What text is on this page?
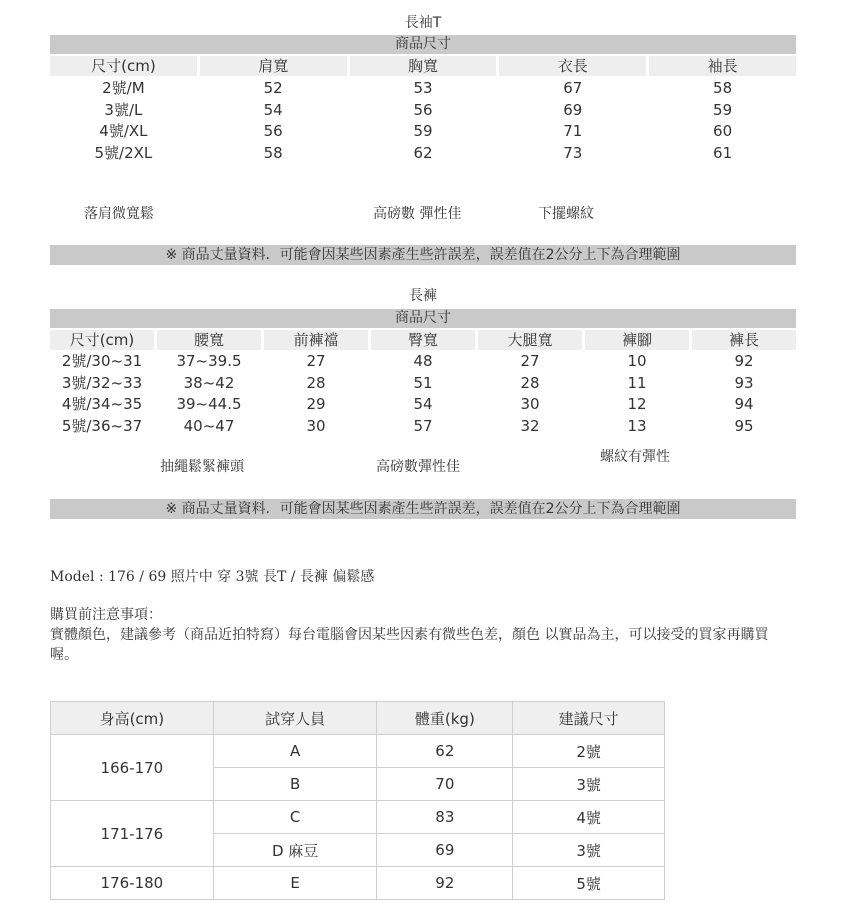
長袖T
商品尺寸
尺寸(cm)	肩寬	胸寬	衣長	袖長
2號/M	52	53	67	58
3號/L	54	56	69	59
4號/XL	56	59	71	60
5號/2XL	58	62	73	61
落肩微寬鬆	高磅數 彈性佳	下擺螺紋
※ 商品丈量資料．可能會因某些因素產生些許誤差，誤差值在2公分上下為合理範圍
長褲
商品尺寸
尺寸(cm)	腰寬	前褲襠	臀寬	大腿寬	褲腳	褲長
2號/30~31	37~39.5	27	48	27	10	92
3號/32~33	38~42	28	51	28	11	93
4號/34~35	39~44.5	29	54	30	12	94
5號/36~37	40~47	30	57	32	13	95
抽繩鬆緊褲頭	高磅數彈性佳
螺紋有彈性
※ 商品丈量資料．可能會因某些因素產生些許誤差，誤差值在2公分上下為合理範圍
Model : 176 / 69 照片中 穿 3號 長T / 長褲 偏鬆感
購買前注意事項：
實體顏色，建議參考（商品近拍特寫）每台電腦會因某些因素有微些色差，顏色 以實品為主，可以接受的買家再購買喔。
身高(cm)	試穿人員	體重(kg)	建議尺寸
166-170	A	62	2號
	B	70	3號
171-176	C	83	4號
	D 麻豆	69	3號
176-180	E	92	5號
